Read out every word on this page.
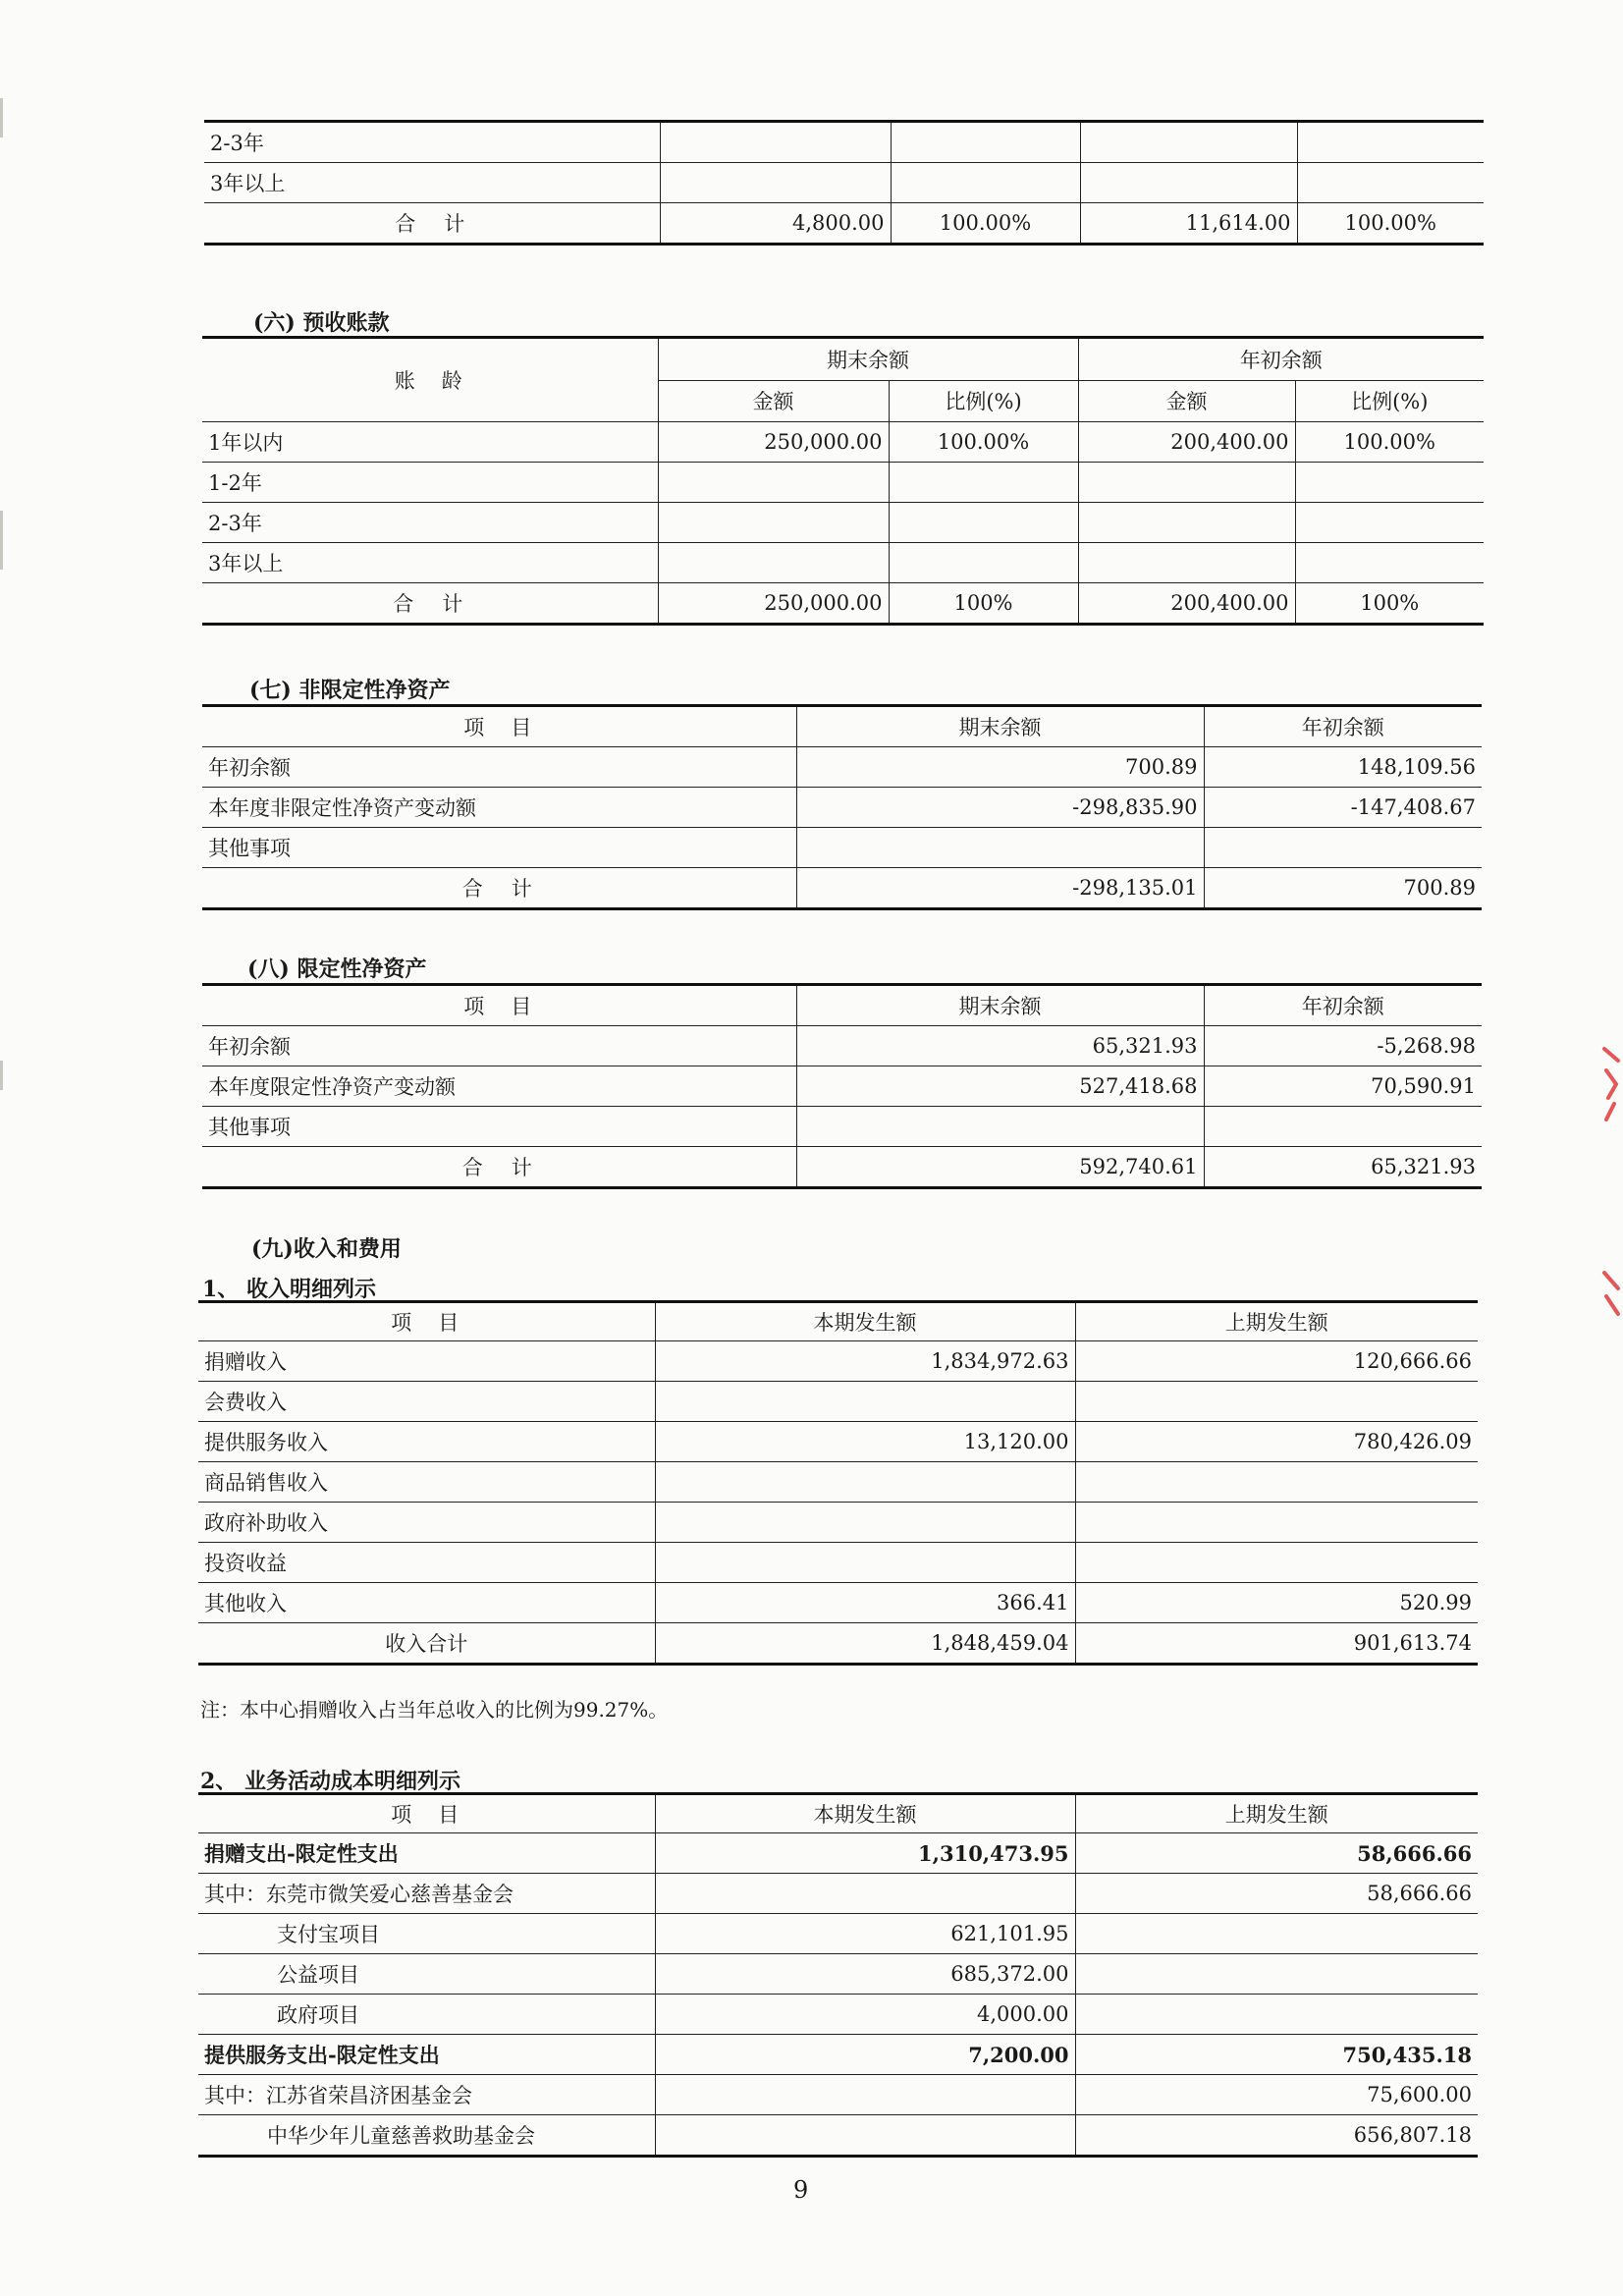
2-3年				
3年以上				
合　计	4,800.00	100.00%	11,614.00	100.00%
(六) 预收账款
账　龄	期末余额		年初余额	
	金额	比例(%)	金额	比例(%)
1年以内	250,000.00	100.00%	200,400.00	100.00%
1-2年				
2-3年				
3年以上				
合　计	250,000.00	100%	200,400.00	100%
(七) 非限定性净资产
项　目	期末余额	年初余额
年初余额	700.89	148,109.56
本年度非限定性净资产变动额	-298,835.90	-147,408.67
其他事项		
合　计	-298,135.01	700.89
(八) 限定性净资产
项　目	期末余额	年初余额
年初余额	65,321.93	-5,268.98
本年度限定性净资产变动额	527,418.68	70,590.91
其他事项		
合　计	592,740.61	65,321.93
(九)收入和费用
1、 收入明细列示
项　目	本期发生额	上期发生额
捐赠收入	1,834,972.63	120,666.66
会费收入		
提供服务收入	13,120.00	780,426.09
商品销售收入		
政府补助收入		
投资收益		
其他收入	366.41	520.99
收入合计	1,848,459.04	901,613.74
注：本中心捐赠收入占当年总收入的比例为99.27%。
2、 业务活动成本明细列示
项　目	本期发生额	上期发生额
捐赠支出-限定性支出	1,310,473.95	58,666.66
其中：东莞市微笑爱心慈善基金会		58,666.66
支付宝项目	621,101.95	
公益项目	685,372.00	
政府项目	4,000.00	
提供服务支出-限定性支出	7,200.00	750,435.18
其中：江苏省荣昌济困基金会		75,600.00
中华少年儿童慈善救助基金会		656,807.18
9
